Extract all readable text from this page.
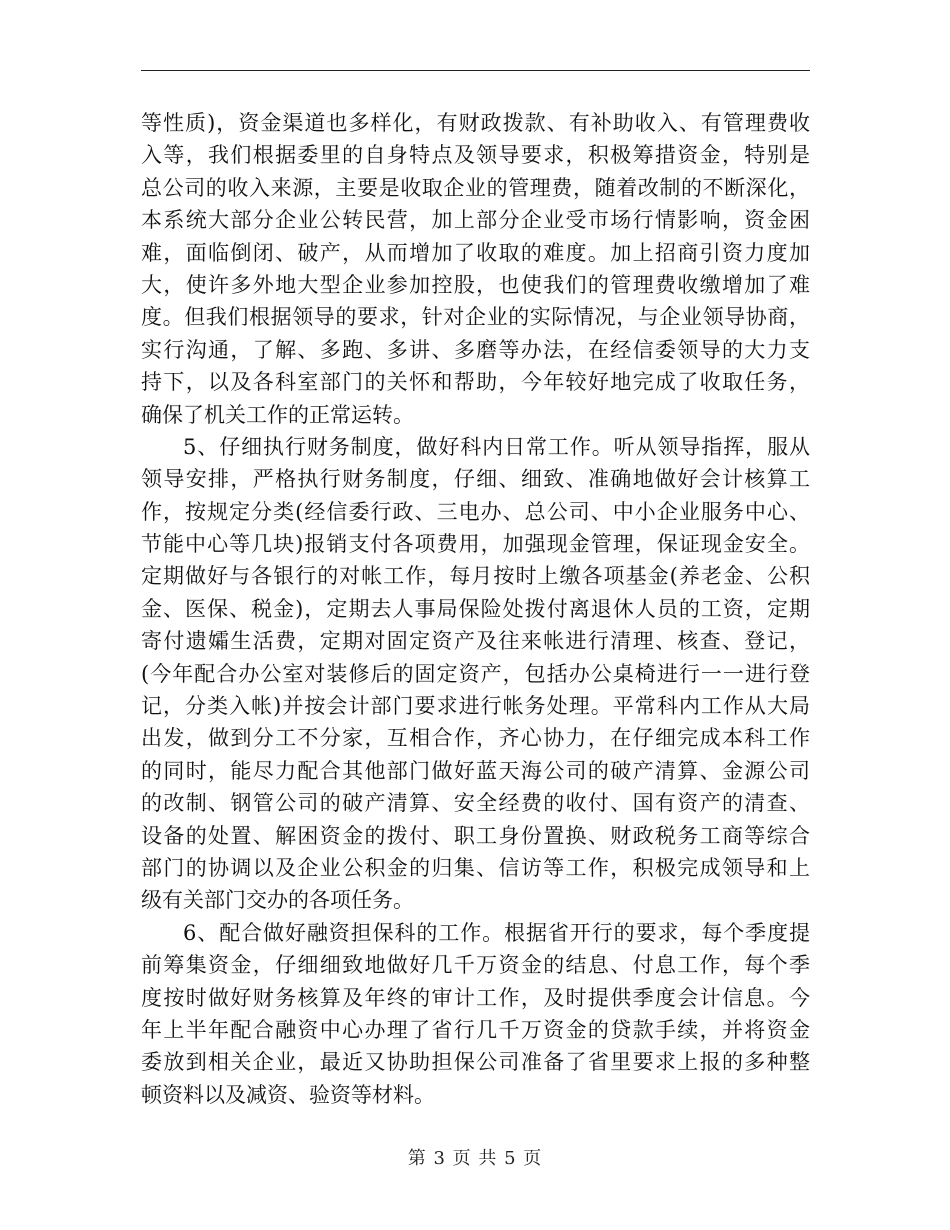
等性质)，资金渠道也多样化，有财政拨款、有补助收入、有管理费收
入等，我们根据委里的自身特点及领导要求，积极筹措资金，特别是
总公司的收入来源，主要是收取企业的管理费，随着改制的不断深化，
本系统大部分企业公转民营，加上部分企业受市场行情影响，资金困
难，面临倒闭、破产，从而增加了收取的难度。加上招商引资力度加
大，使许多外地大型企业参加控股，也使我们的管理费收缴增加了难
度。但我们根据领导的要求，针对企业的实际情况，与企业领导协商，
实行沟通，了解、多跑、多讲、多磨等办法，在经信委领导的大力支
持下，以及各科室部门的关怀和帮助，今年较好地完成了收取任务，
确保了机关工作的正常运转。
5、仔细执行财务制度，做好科内日常工作。听从领导指挥，服从
领导安排，严格执行财务制度，仔细、细致、准确地做好会计核算工
作，按规定分类(经信委行政、三电办、总公司、中小企业服务中心、
节能中心等几块)报销支付各项费用，加强现金管理，保证现金安全。
定期做好与各银行的对帐工作，每月按时上缴各项基金(养老金、公积
金、医保、税金)，定期去人事局保险处拨付离退休人员的工资，定期
寄付遗孀生活费，定期对固定资产及往来帐进行清理、核查、登记，
(今年配合办公室对装修后的固定资产，包括办公桌椅进行一一进行登
记，分类入帐)并按会计部门要求进行帐务处理。平常科内工作从大局
出发，做到分工不分家，互相合作，齐心协力，在仔细完成本科工作
的同时，能尽力配合其他部门做好蓝天海公司的破产清算、金源公司
的改制、钢管公司的破产清算、安全经费的收付、国有资产的清查、
设备的处置、解困资金的拨付、职工身份置换、财政税务工商等综合
部门的协调以及企业公积金的归集、信访等工作，积极完成领导和上
级有关部门交办的各项任务。
6、配合做好融资担保科的工作。根据省开行的要求，每个季度提
前筹集资金，仔细细致地做好几千万资金的结息、付息工作，每个季
度按时做好财务核算及年终的审计工作，及时提供季度会计信息。今
年上半年配合融资中心办理了省行几千万资金的贷款手续，并将资金
委放到相关企业，最近又协助担保公司准备了省里要求上报的多种整
顿资料以及减资、验资等材料。
第 3 页 共 5 页
